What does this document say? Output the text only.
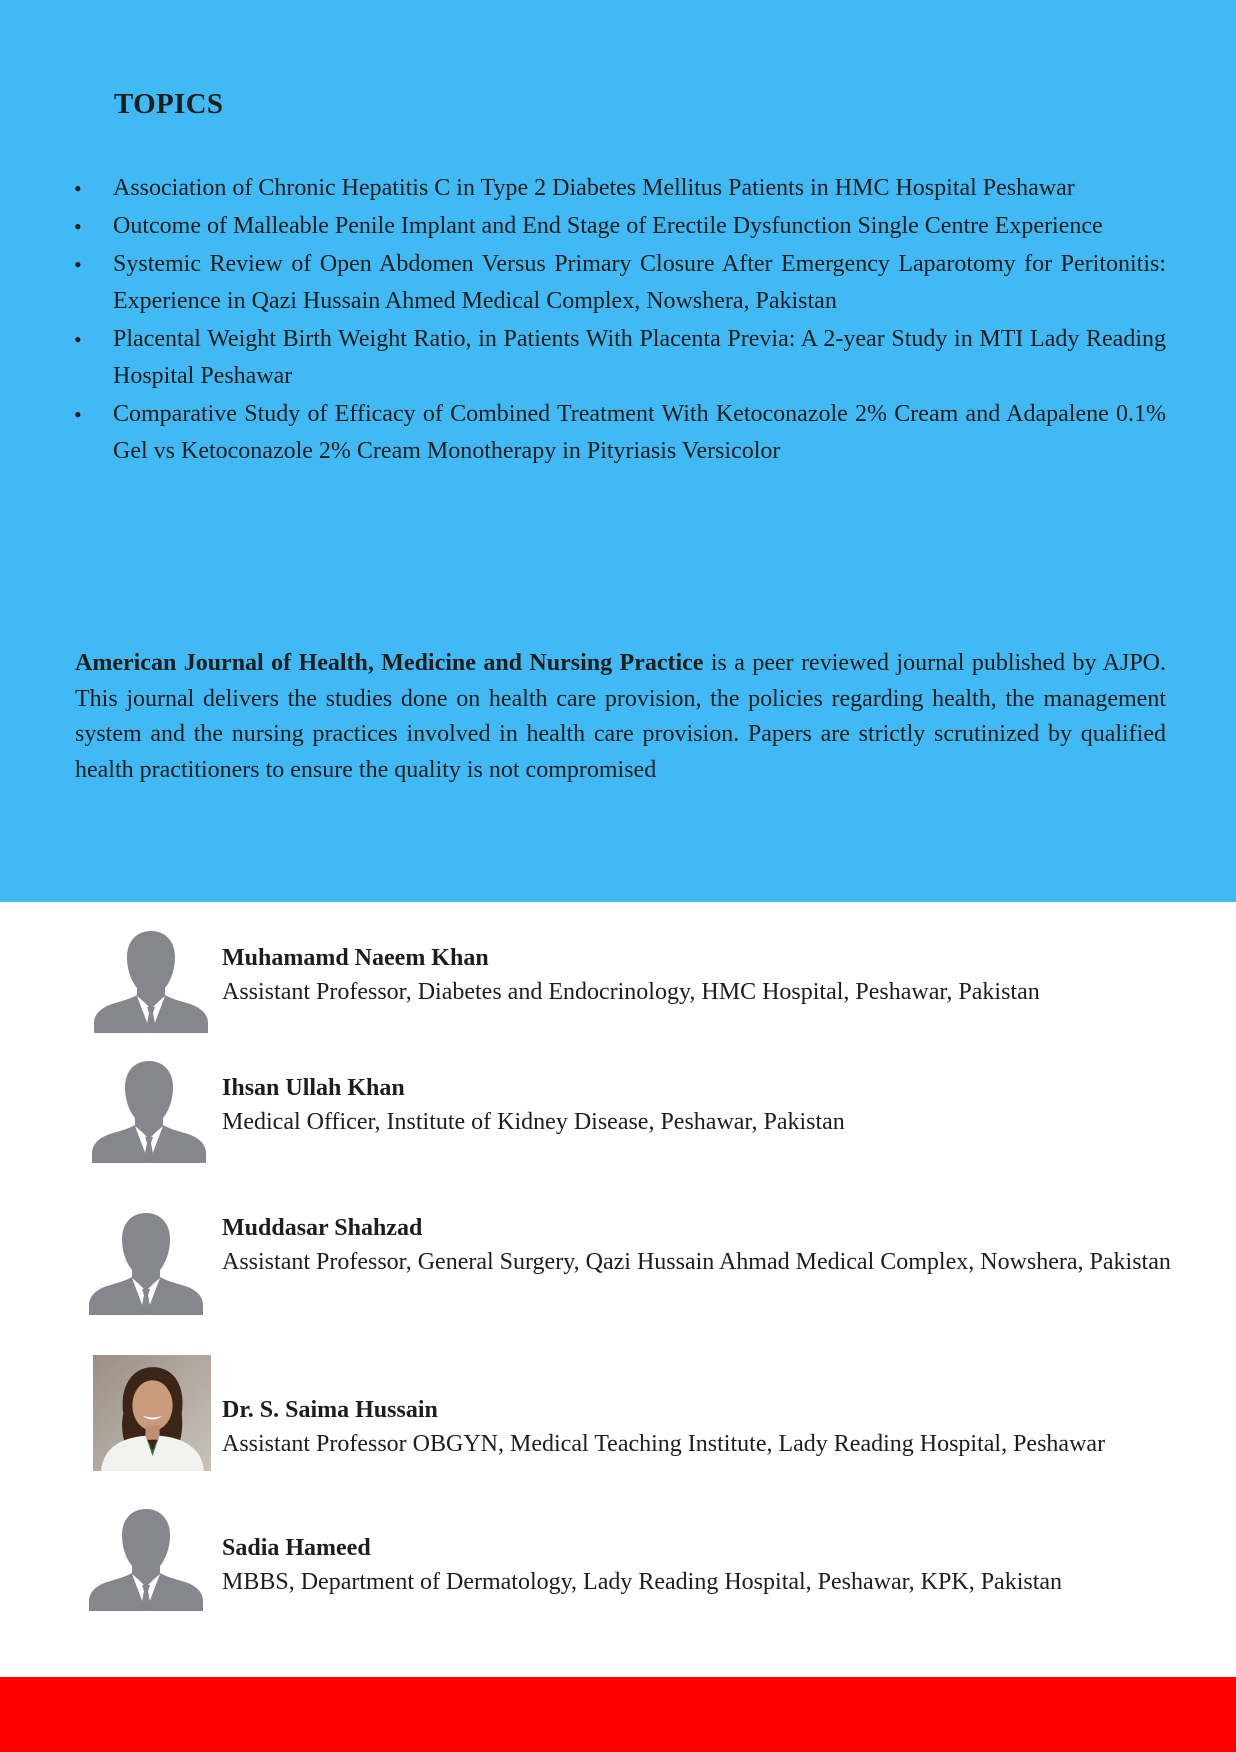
TOPICS
• Association of Chronic Hepatitis C in Type 2 Diabetes Mellitus Patients in HMC Hospital Peshawar
• Outcome of Malleable Penile Implant and End Stage of Erectile Dysfunction Single Centre Experience
• Systemic Review of Open Abdomen Versus Primary Closure After Emergency Laparotomy for Peritonitis: Experience in Qazi Hussain Ahmed Medical Complex, Nowshera, Pakistan
• Placental Weight Birth Weight Ratio, in Patients With Placenta Previa: A 2-year Study in MTI Lady Reading Hospital Peshawar
• Comparative Study of Efficacy of Combined Treatment With Ketoconazole 2% Cream and Adapalene 0.1% Gel vs Ketoconazole 2% Cream Monotherapy in Pityriasis Versicolor

American Journal of Health, Medicine and Nursing Practice is a peer reviewed journal published by AJPO. This journal delivers the studies done on health care provision, the policies regarding health, the management system and the nursing practices involved in health care provision. Papers are strictly scrutinized by qualified health practitioners to ensure the quality is not compromised

Muhamamd Naeem Khan

Assistant Professor, Diabetes and Endocrinology, HMC Hospital, Peshawar, Pakistan

Ihsan Ullah Khan

Medical Officer, Institute of Kidney Disease, Peshawar, Pakistan

Muddasar Shahzad

Assistant Professor, General Surgery, Qazi Hussain Ahmad Medical Complex, Nowshera, Pakistan

Dr. S. Saima Hussain

Assistant Professor OBGYN, Medical Teaching Institute, Lady Reading Hospital, Peshawar

Sadia Hameed

MBBS, Department of Dermatology, Lady Reading Hospital, Peshawar, KPK, Pakistan
